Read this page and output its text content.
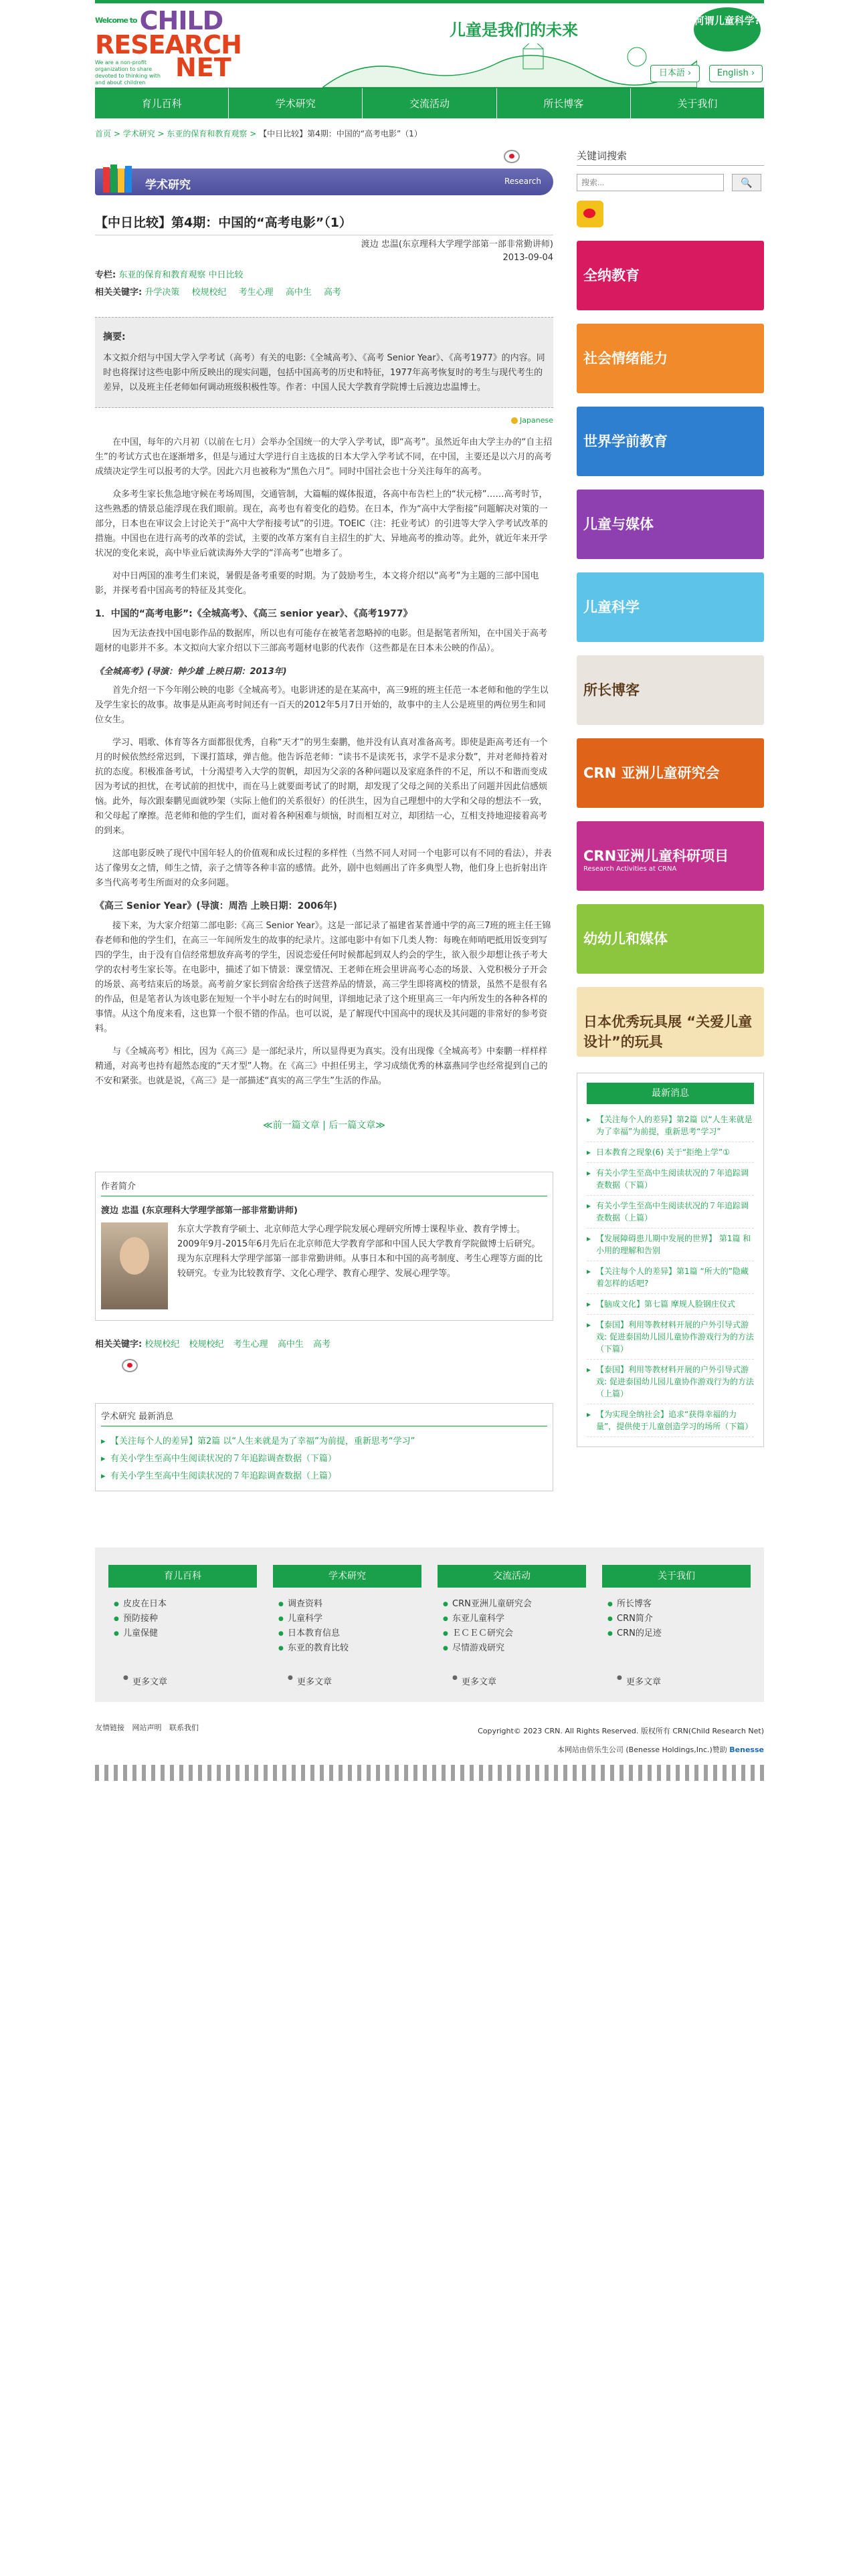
$^{Welcome to}$ CHILD
RESEARCH
NET
We are a non-profit organization to share devoted to thinking with and about children
儿童是我们的未来	何谓儿童科学?
日本語 ›	English ›
育儿百科	学术研究	交流活动	所长博客	关于我们
首页 > 学术研究 > 东亚的保育和教育观察 > 【中日比较】第4期：中国的“高考电影”（1）
学术研究	Research
【中日比较】第4期：中国的“高考电影”（1）
渡边 忠温(东京理科大学理学部第一部非常勤讲师)
2013-09-04
专栏: 东亚的保育和教育观察 中日比较
相关关键字: 升学决策 校规校纪 考生心理 高中生 高考
摘要:

本文拟介绍与中国大学入学考试（高考）有关的电影:《全城高考》、《高考 Senior Year》、《高考1977》的内容。同时也将探讨这些电影中所反映出的现实问题，包括中国高考的历史和特征，1977年高考恢复时的考生与现代考生的差异，以及班主任老师如何调动班级积极性等。作者：中国人民大学教育学院博士后渡边忠温博士。

Japanese

在中国，每年的六月初（以前在七月）会举办全国统一的大学入学考试，即“高考”。虽然近年由大学主办的“自主招生”的考试方式也在逐渐增多，但是与通过大学进行自主选拔的日本大学入学考试不同，在中国，主要还是以六月的高考成绩决定学生可以报考的大学。因此六月也被称为“黑色六月”。同时中国社会也十分关注每年的高考。

众多考生家长焦急地守候在考场周围，交通管制，大篇幅的媒体报道，各高中布告栏上的“状元榜”……高考时节，这些熟悉的情景总能浮现在我们眼前。现在，高考也有着变化的趋势。在日本，作为“高中大学衔接”问题解决对策的一部分，日本也在审议会上讨论关于“高中大学衔接考试”的引进。TOEIC（注：托业考试）的引进等大学入学考试改革的措施。中国也在进行高考的改革的尝试，主要的改革方案有自主招生的扩大、异地高考的推动等。此外，就近年来开学状况的变化来说，高中毕业后就读海外大学的“洋高考”也增多了。

对中日两国的准考生们来说，暑假是备考重要的时期。为了鼓励考生，本文将介绍以“高考”为主题的三部中国电影，并探考看中国高考的特征及其变化。

1．中国的“高考电影”:《全城高考》、《高三 senior year》、《高考1977》

因为无法查找中国电影作品的数据库，所以也有可能存在被笔者忽略掉的电影。但是据笔者所知，在中国关于高考题材的电影并不多。本文拟向大家介绍以下三部高考题材电影的代表作（这些都是在日本未公映的作品）。

《全城高考》(导演：钟少雄 上映日期：2013年)

首先介绍一下今年刚公映的电影《全城高考》。电影讲述的是在某高中，高三9班的班主任范一本老师和他的学生以及学生家长的故事。故事是从距高考时间还有一百天的2012年5月7日开始的，故事中的主人公是班里的两位男生和同位女生。

学习、唱歌、体育等各方面都很优秀，自称“天才”的男生秦鹏，他并没有认真对准备高考。即使是距高考还有一个月的时候依然经常迟到，下课打篮球，弹吉他。他告诉范老师：“读书不是读死书，求学不是求分数”，并对老师持着对抗的态度。积极准备考试，十分渴望考入大学的贺帆，却因为父亲的各种问题以及家庭条件的不足，所以不和谐而变成因为考试的担忧，在考试前的担忧中，而在马上就要面考试了的时期，却发现了父母之间的关系出了问题并因此信感烦恼。此外，每次跟秦鹏见面就吵架（实际上他们的关系很好）的任洪生，因为自己理想中的大学和父母的想法不一致，和父母起了摩擦。范老师和他的学生们，面对着各种困难与烦恼，时而相互对立，却团结一心，互相支持地迎接着高考的到来。

这部电影反映了现代中国年轻人的价值观和成长过程的多样性（当然不同人对同一个电影可以有不同的看法），并表达了像男女之情，师生之情，亲子之情等各种丰富的感情。此外，剧中也刻画出了许多典型人物，他们身上也折射出许多当代高考考生所面对的众多问题。

《高三 Senior Year》(导演：周浩 上映日期：2006年)

接下来，为大家介绍第二部电影:《高三 Senior Year》。这是一部记录了福建省某普通中学的高三7班的班主任王锦春老师和他的学生们，在高三一年间所发生的故事的纪录片。这部电影中有如下几类人物：每晚在师哨吧抵用饭变到写四的学生，由于没有自信经常想放弃高考的学生，因说恋爱任何时候都起到双人约会的学生，欲入很少却想让孩子考大学的农村考生家长等。在电影中，描述了如下情景：课堂情况、王老师在班会里讲高考心态的场景、入党积极分子开会的场景、高考结束后的场景。高考前夕家长到宿舍给孩子送营养品的情景，高三学生即将离校的情景，虽然不是很有名的作品，但是笔者认为该电影在短短一个半小时左右的时间里，详细地记录了这个班里高三一年内所发生的各种各样的事情。从这个角度来看，这也算一个很不错的作品。也可以说，是了解现代中国高中的现状及其问题的非常好的参考资料。

与《全城高考》相比，因为《高三》是一部纪录片，所以显得更为真实。没有出现像《全城高考》中秦鹏一样样样精通，对高考也持有超然态度的“天才型”人物。在《高三》中担任男主，学习成绩优秀的林嘉燕同学也经常提到自己的不安和紧张。也就是说，《高三》是一部描述“真实的高三学生”生活的作品。

≪前一篇文章 | 后一篇文章≫
作者简介
渡边 忠温 (东京理科大学理学部第一部非常勤讲师)
东京大学教育学硕士、北京师范大学心理学院发展心理研究所博士课程毕业、教育学博士。2009年9月-2015年6月先后在北京师范大学教育学部和中国人民大学教育学院做博士后研究。现为东京理科大学理学部第一部非常勤讲师。从事日本和中国的高考制度、考生心理等方面的比较研究。专业为比较教育学、文化心理学、教育心理学、发展心理学等。
相关关键字: 校规校纪 校规校纪 考生心理 高中生 高考
学术研究 最新消息
▸ 【关注每个人的差异】第2篇 以“人生来就是为了幸福”为前提，重新思考“学习”
▸ 有关小学生至高中生阅读状况的７年追踪调查数据（下篇）
▸ 有关小学生至高中生阅读状况的７年追踪调查数据（上篇）
关键词搜索
搜索...
🔍
全纳教育
社会情绪能力
世界学前教育
儿童与媒体
儿童科学
所长博客
CRN 亚洲儿童研究会
CRN亚洲儿童科研项目
Research Activities at CRNA
幼幼儿和媒体
日本优秀玩具展 “关爱儿童设计”的玩具
最新消息
▸ 【关注每个人的差异】第2篇 以“人生来就是为了幸福”为前提，重新思考“学习”
▸ 日本教育之现象(6) 关于“拒绝上学”①
▸ 有关小学生至高中生阅读状况的７年追踪调查数据（下篇）
▸ 有关小学生至高中生阅读状况的７年追踪调查数据（上篇）
▸ 【发展障碍患儿期中发展的世界】 第1篇 和小用的理解和告别
▸ 【关注每个人的差异】第1篇 “所大的”隐藏着怎样的话吧?
▸ 【脑成文化】第七篇 摩规人脸钢庄仪式
▸ 【泰国】利用等教材料开展的户外引导式游戏: 促进泰国幼儿园儿童协作游戏行为的方法（下篇）
▸ 【泰国】利用等教材料开展的户外引导式游戏: 促进泰国幼儿园儿童协作游戏行为的方法（上篇）
▸ 【为实现全纳社会】追求“获得幸福的力量”，提供使于儿童创造学习的场所（下篇）
育儿百科
● 皮皮在日本
● 预防接种
● 儿童保健
● 更多文章
学术研究
● 调查资料
● 儿童科学
● 日本教育信息
● 东亚的教育比较
● 更多文章
交流活动
● CRN亚洲儿童研究会
● 东亚儿童科学
● ＥＣＥＣ研究会
● 尽情游戏研究
● 更多文章
关于我们
● 所长博客
● CRN简介
● CRN的足迹
● 更多文章
友情链接 网站声明 联系我们	Copyright© 2023 CRN. All Rights Reserved. 版权所有 CRN(Child Research Net)
本网站由倍乐生公司 (Benesse Holdings,Inc.)赞助 Benesse
